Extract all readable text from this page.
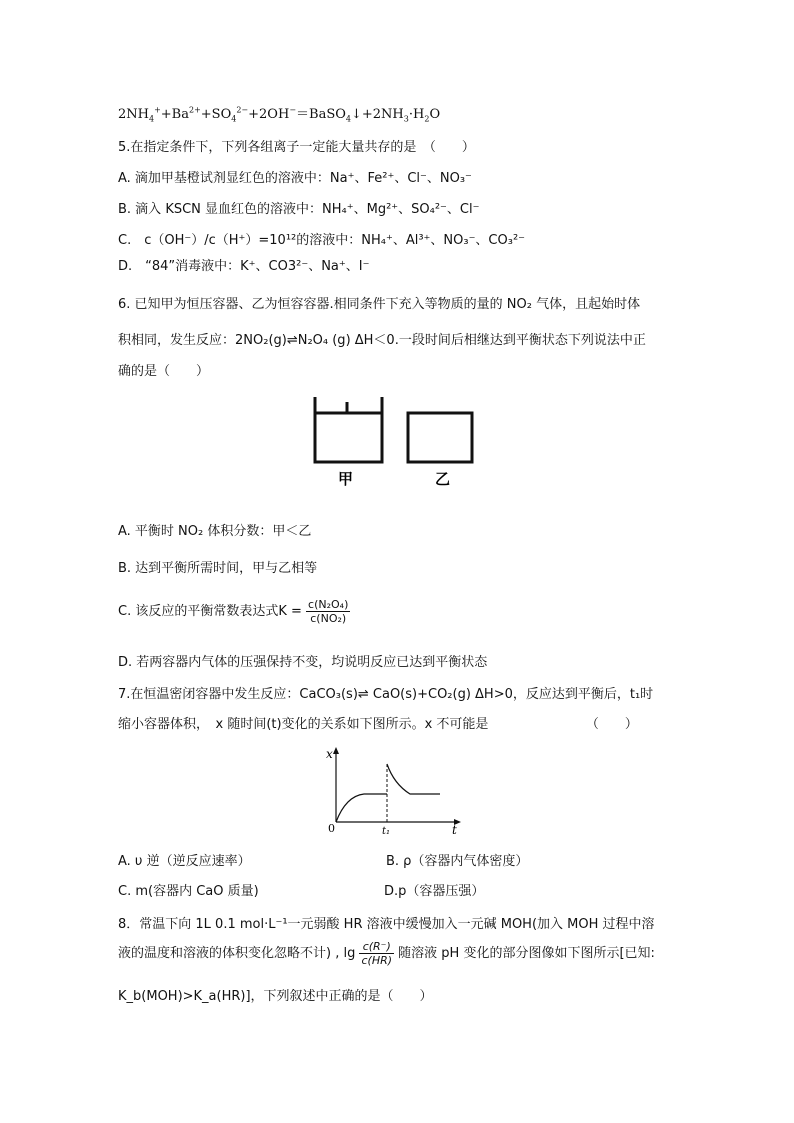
$2NH_4^++Ba^{2+}+SO_4^{2-}+2OH^-=BaSO_4↓+2NH_3\cdot H_2O$
5.在指定条件下，下列各组离子一定能大量共存的是　（　　）
A. 滴加甲基橙试剂显红色的溶液中：Na⁺、Fe²⁺、Cl⁻、NO₃⁻
B. 滴入 KSCN 显血红色的溶液中：NH₄⁺、Mg²⁺、SO₄²⁻、Cl⁻
C.　c（OH⁻）/c（H⁺）=10¹²的溶液中：NH₄⁺、Al³⁺、NO₃⁻、CO₃²⁻
D.　“84”消毒液中：K⁺、CO3²⁻、Na⁺、I⁻
6. 已知甲为恒压容器、乙为恒容容器.相同条件下充入等物质的量的 NO₂ 气体，且起始时体
积相同，发生反应：2NO₂(g)⇌N₂O₄ (g) ΔH＜0.一段时间后相继达到平衡状态下列说法中正
确的是（　　）
甲	乙
A. 平衡时 NO₂ 体积分数：甲＜乙
B. 达到平衡所需时间，甲与乙相等
C. 该反应的平衡常数表达式$K = \frac{\text{c(N₂O₄)}}{\text{c(NO₂)}}$
D. 若两容器内气体的压强保持不变，均说明反应已达到平衡状态
7.在恒温密闭容器中发生反应：CaCO₃(s)⇌ CaO(s)+CO₂(g) ΔH>0，反应达到平衡后，t₁时
缩小容器体积，　x 随时间(t)变化的关系如下图所示。x 不可能是　　　　　　　　（　　）
x
t
0	t₁
A. υ 逆（逆反应速率）	B. ρ（容器内气体密度）
C. m(容器内 CaO 质量)	D.p（容器压强）
8．常温下向 1L 0.1 mol·L⁻¹一元弱酸 HR 溶液中缓慢加入一元碱 MOH(加入 MOH 过程中溶
液的温度和溶液的体积变化忽略不计) , $\lg \frac{c(R^-)}{c(HR)}$ 随溶液 pH 变化的部分图像如下图所示[已知:
K_b(MOH)>K_a(HR)]，下列叙述中正确的是（　　）
